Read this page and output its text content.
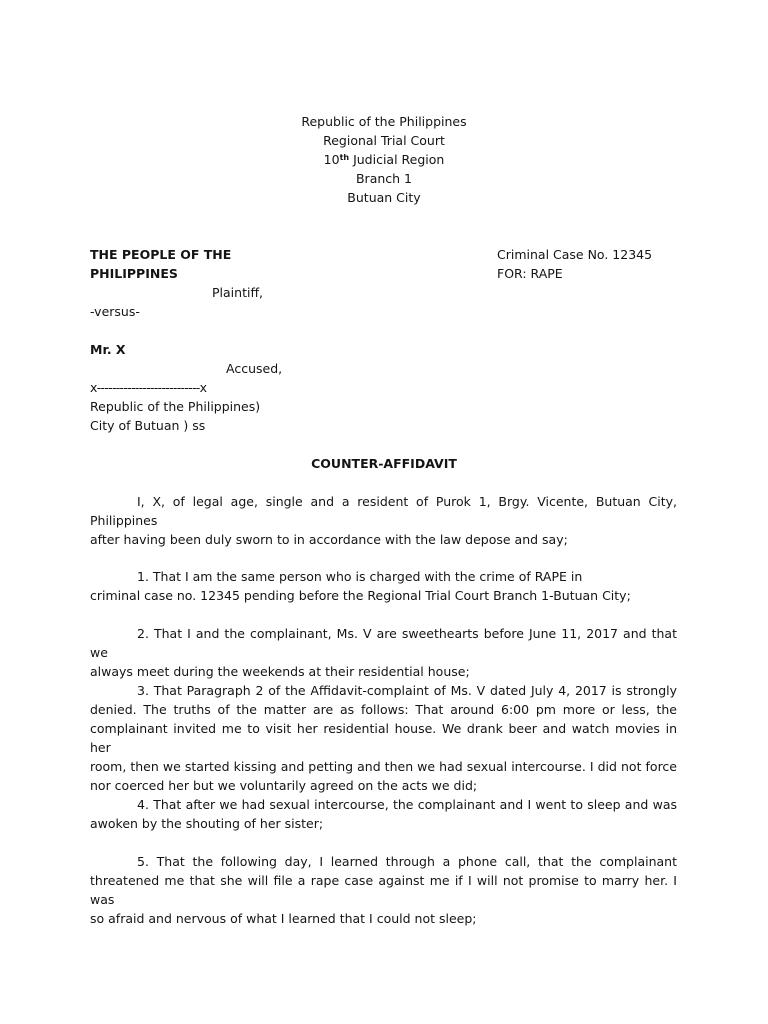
Republic of the Philippines
Regional Trial Court
10th Judicial Region
Branch 1
Butuan City
THE PEOPLE OF THE
PHILIPPINES
Plaintiff,
-versus-
Mr. X
Accused,
x---------------------------x
Criminal Case No. 12345
FOR: RAPE
Republic of the Philippines)
City of Butuan ) ss
COUNTER-AFFIDAVIT
I, X, of legal age, single and a resident of Purok 1, Brgy. Vicente, Butuan City, Philippines
after having been duly sworn to in accordance with the law depose and say;
1. That I am the same person who is charged with the crime of RAPE in
criminal case no. 12345 pending before the Regional Trial Court Branch 1-Butuan City;
2. That I and the complainant, Ms. V are sweethearts before June 11, 2017 and that we
always meet during the weekends at their residential house;
3. That Paragraph 2 of the Affidavit-complaint of Ms. V dated July 4, 2017 is strongly
denied. The truths of the matter are as follows: That around 6:00 pm more or less, the
complainant invited me to visit her residential house. We drank beer and watch movies in her
room, then we started kissing and petting and then we had sexual intercourse. I did not force
nor coerced her but we voluntarily agreed on the acts we did;
4. That after we had sexual intercourse, the complainant and I went to sleep and was
awoken by the shouting of her sister;
5. That the following day, I learned through a phone call, that the complainant
threatened me that she will file a rape case against me if I will not promise to marry her. I was
so afraid and nervous of what I learned that I could not sleep;
